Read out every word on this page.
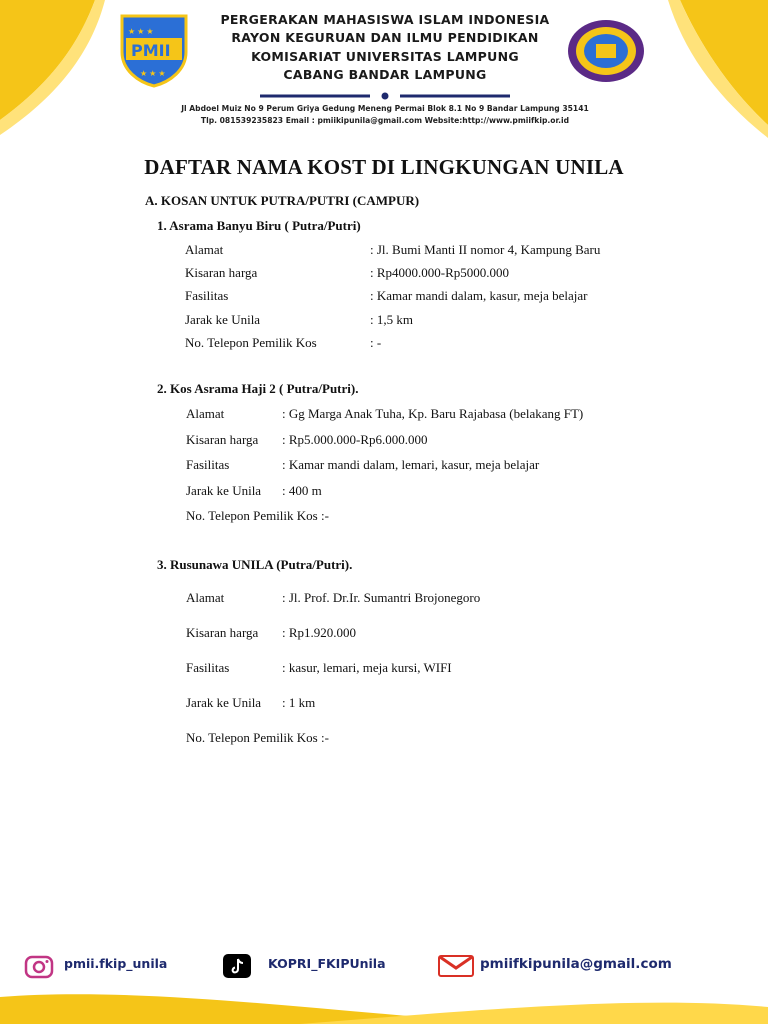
★ ★ ★
★ ★ ★
PMII
PERGERAKAN MAHASISWA ISLAM INDONESIA
RAYON KEGURUAN DAN ILMU PENDIDIKAN
KOMISARIAT UNIVERSITAS LAMPUNG
CABANG BANDAR LAMPUNG
Jl Abdoel Muiz No 9 Perum Griya Gedung Meneng Permai Blok 8.1 No 9 Bandar Lampung 35141
Tlp. 081539235823 Email : pmiikipunila@gmail.com Website:http://www.pmiifkip.or.id
DAFTAR NAMA KOST DI LINGKUNGAN UNILA
A. KOSAN UNTUK PUTRA/PUTRI (CAMPUR)
1. Asrama Banyu Biru ( Putra/Putri)
Alamat	: Jl. Bumi Manti II nomor 4, Kampung Baru
Kisaran harga	: Rp4000.000-Rp5000.000
Fasilitas	: Kamar mandi dalam, kasur, meja belajar
Jarak ke Unila	: 1,5 km
No. Telepon Pemilik Kos	: -
2. Kos Asrama Haji 2 ( Putra/Putri).
Alamat	: Gg Marga Anak Tuha, Kp. Baru Rajabasa (belakang FT)
Kisaran harga : Rp5.000.000-Rp6.000.000
Fasilitas	: Kamar mandi dalam, lemari, kasur, meja belajar
Jarak ke Unila : 400 m
No. Telepon Pemilik Kos :-
3. Rusunawa UNILA (Putra/Putri).
Alamat	: Jl. Prof. Dr.Ir. Sumantri Brojonegoro
Kisaran harga : Rp1.920.000
Fasilitas	: kasur, lemari, meja kursi, WIFI
Jarak ke Unila : 1 km
No. Telepon Pemilik Kos :-
pmii.fkip_unila	KOPRI_FKIPUnila	pmiifkipunila@gmail.com
